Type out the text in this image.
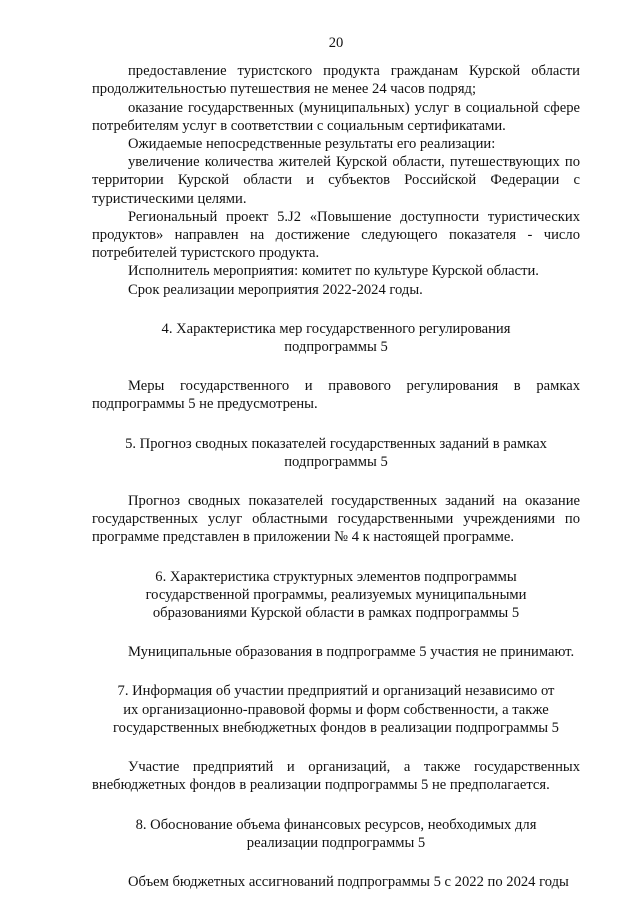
20

предоставление туристского продукта гражданам Курской области продолжительностью путешествия не менее 24 часов подряд;

оказание государственных (муниципальных) услуг в социальной сфере потребителям услуг в соответствии с социальным сертификатами.

Ожидаемые непосредственные результаты его реализации:

увеличение количества жителей Курской области, путешествующих по территории Курской области и субъектов Российской Федерации с туристическими целями.

Региональный проект 5.J2 «Повышение доступности туристических продуктов» направлен на достижение следующего показателя - число потребителей туристского продукта.

Исполнитель мероприятия: комитет по культуре Курской области.

Срок реализации мероприятия 2022-2024 годы.

4. Характеристика мер государственного регулирования
подпрограммы 5

Меры государственного и правового регулирования в рамках подпрограммы 5 не предусмотрены.

5. Прогноз сводных показателей государственных заданий в рамках
подпрограммы 5

Прогноз сводных показателей государственных заданий на оказание государственных услуг областными государственными учреждениями по программе представлен в приложении № 4 к настоящей программе.

6. Характеристика структурных элементов подпрограммы
государственной программы, реализуемых муниципальными
образованиями Курской области в рамках подпрограммы 5

Муниципальные образования в подпрограмме 5 участия не принимают.

7. Информация об участии предприятий и организаций независимо от
их организационно-правовой формы и форм собственности, а также
государственных внебюджетных фондов в реализации подпрограммы 5

Участие предприятий и организаций, а также государственных внебюджетных фондов в реализации подпрограммы 5 не предполагается.

8. Обоснование объема финансовых ресурсов, необходимых для
реализации подпрограммы 5

Объем бюджетных ассигнований подпрограммы 5 с 2022 по 2024 годы
